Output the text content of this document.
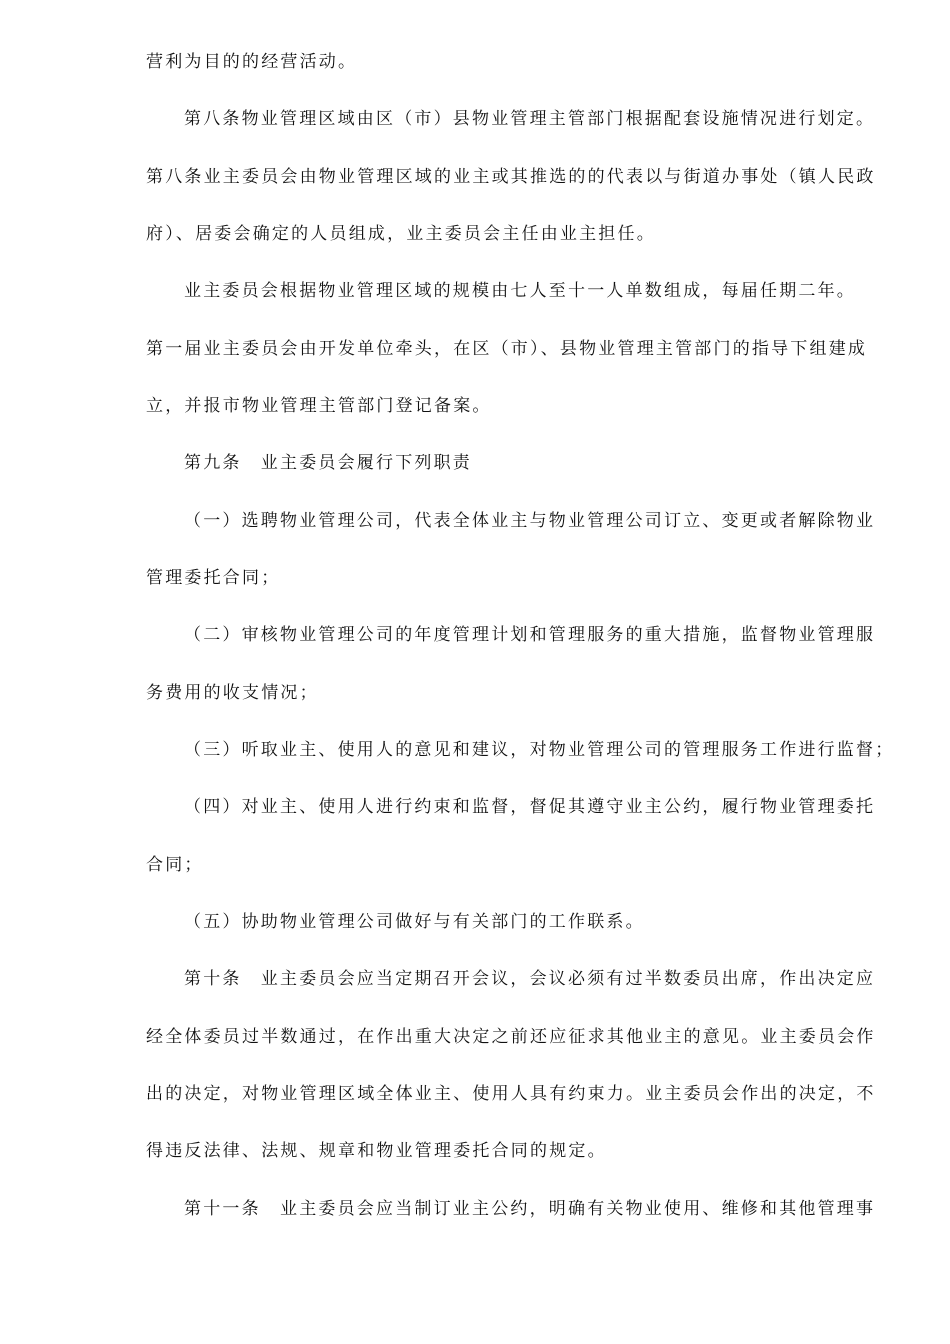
营利为目的的经营活动。
第八条物业管理区域由区（市）县物业管理主管部门根据配套设施情况进行划定。
第八条业主委员会由物业管理区域的业主或其推选的的代表以与街道办事处（镇人民政
府）、居委会确定的人员组成，业主委员会主任由业主担任。
业主委员会根据物业管理区域的规模由七人至十一人单数组成，每届任期二年。
第一届业主委员会由开发单位牵头，在区（市）、县物业管理主管部门的指导下组建成
立，并报市物业管理主管部门登记备案。
第九条　业主委员会履行下列职责
（一）选聘物业管理公司，代表全体业主与物业管理公司订立、变更或者解除物业
管理委托合同；
（二）审核物业管理公司的年度管理计划和管理服务的重大措施，监督物业管理服
务费用的收支情况；
（三）听取业主、使用人的意见和建议，对物业管理公司的管理服务工作进行监督；
（四）对业主、使用人进行约束和监督，督促其遵守业主公约，履行物业管理委托
合同；
（五）协助物业管理公司做好与有关部门的工作联系。
第十条　业主委员会应当定期召开会议，会议必须有过半数委员出席，作出决定应
经全体委员过半数通过，在作出重大决定之前还应征求其他业主的意见。业主委员会作
出的决定，对物业管理区域全体业主、使用人具有约束力。业主委员会作出的决定，不
得违反法律、法规、规章和物业管理委托合同的规定。
第十一条　业主委员会应当制订业主公约，明确有关物业使用、维修和其他管理事
